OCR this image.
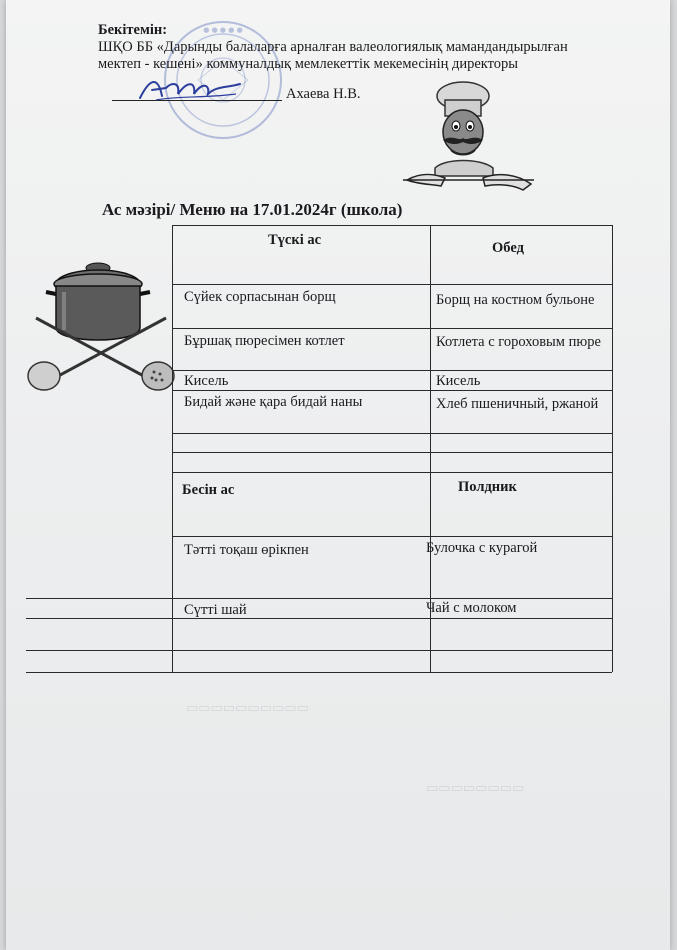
▭▭▭▭▭▭▭▭
▭▭▭▭▭▭▭▭▭▭
● ● ● ● ●
Бекітемін:
ШҚО ББ «Дарынды балаларға арналған валеологиялық мамандандырылған
мектеп - кешені» коммуналдық мемлекеттік мекемесінің директоры
Ахаева Н.В.
Ас мәзірі/ Меню на 17.01.2024г (школа)
Түскі ас	Обед
Сүйек сорпасынан борщ	Борщ на костном бульоне
Бұршақ пюресімен котлет	Котлета с гороховым пюре
Кисель	Кисель
Бидай және қара бидай наны	Хлеб пшеничный, ржаной
Бесін ас	Полдник
Тәтті тоқаш өрікпен	Булочка с курагой
Сүтті шай	Чай с молоком
